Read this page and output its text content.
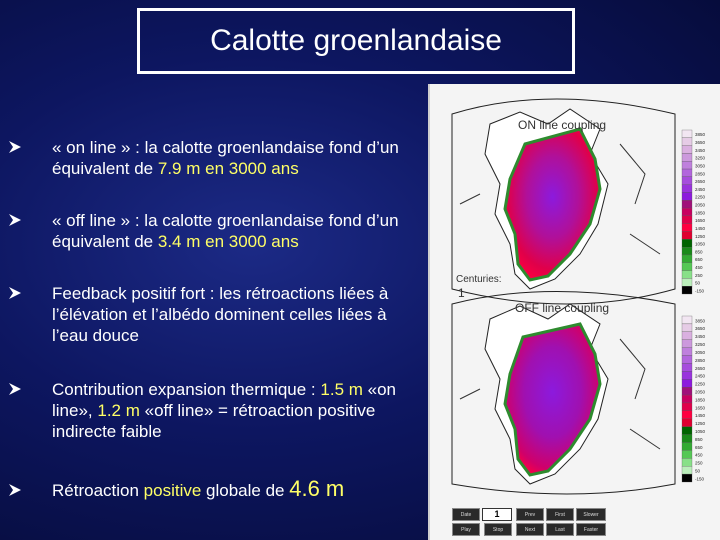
Calotte groenlandaise
« on line » : la calotte groenlandaise fond d’un équivalent de 7.9 m en 3000 ans
« off line » : la calotte groenlandaise fond d’un équivalent de 3.4 m en 3000 ans
Feedback positif fort : les rétroactions liées à l’élévation et l’albédo dominent celles liées à l’eau douce
Contribution expansion thermique : 1.5 m «on line», 1.2 m «off line» = rétroaction positive indirecte faible
Rétroaction positive globale de 4.6 m
ON line coupling
OFF line coupling
Centuries:
1
3850
3650
3450
3250
3050
2850
2650
2450
2250
2050
1850
1650
1450
1250
1050
850
650
450
250
50
-150
3850
3650
3450
3250
3050
2850
2650
2450
2250
2050
1850
1650
1450
1250
1050
850
650
450
250
50
-150
Date	1	Prev	First	Slower
Play	Stop	Next	Last	Faster
